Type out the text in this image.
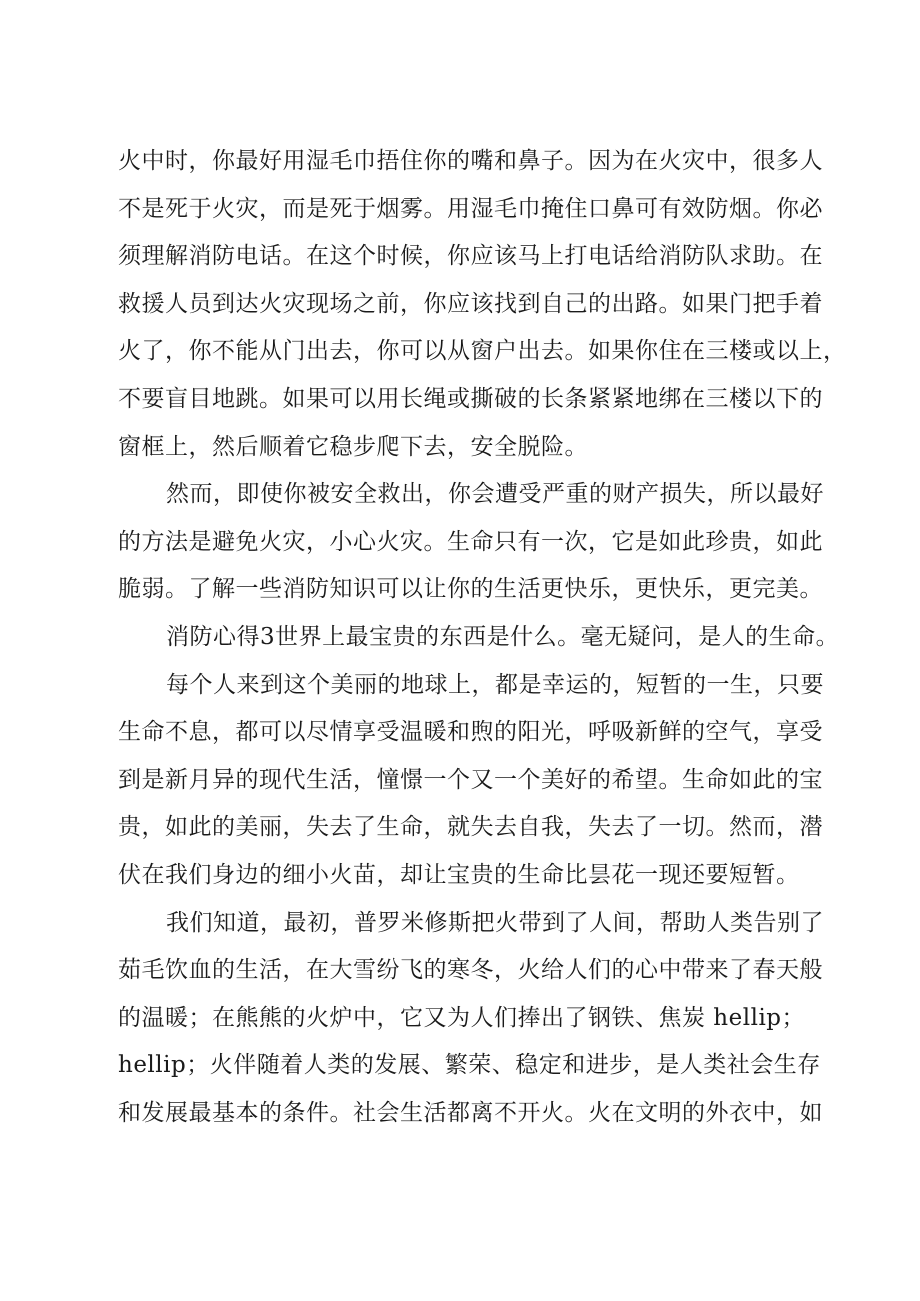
火中时，你最好用湿毛巾捂住你的嘴和鼻子。因为在火灾中，很多人
不是死于火灾，而是死于烟雾。用湿毛巾掩住口鼻可有效防烟。你必
须理解消防电话。在这个时候，你应该马上打电话给消防队求助。在
救援人员到达火灾现场之前，你应该找到自己的出路。如果门把手着
火了，你不能从门出去，你可以从窗户出去。如果你住在三楼或以上，
不要盲目地跳。如果可以用长绳或撕破的长条紧紧地绑在三楼以下的
窗框上，然后顺着它稳步爬下去，安全脱险。
然而，即使你被安全救出，你会遭受严重的财产损失，所以最好
的方法是避免火灾，小心火灾。生命只有一次，它是如此珍贵，如此
脆弱。了解一些消防知识可以让你的生活更快乐，更快乐，更完美。
消防心得3世界上最宝贵的东西是什么。毫无疑问，是人的生命。
每个人来到这个美丽的地球上，都是幸运的，短暂的一生，只要
生命不息，都可以尽情享受温暖和煦的阳光，呼吸新鲜的空气，享受
到是新月异的现代生活，憧憬一个又一个美好的希望。生命如此的宝
贵，如此的美丽，失去了生命，就失去自我，失去了一切。然而，潜
伏在我们身边的细小火苗，却让宝贵的生命比昙花一现还要短暂。
我们知道，最初，普罗米修斯把火带到了人间，帮助人类告别了
茹毛饮血的生活，在大雪纷飞的寒冬，火给人们的心中带来了春天般
的温暖；在熊熊的火炉中，它又为人们捧出了钢铁、焦炭 hellip；
hellip；火伴随着人类的发展、繁荣、稳定和进步，是人类社会生存
和发展最基本的条件。社会生活都离不开火。火在文明的外衣中，如
